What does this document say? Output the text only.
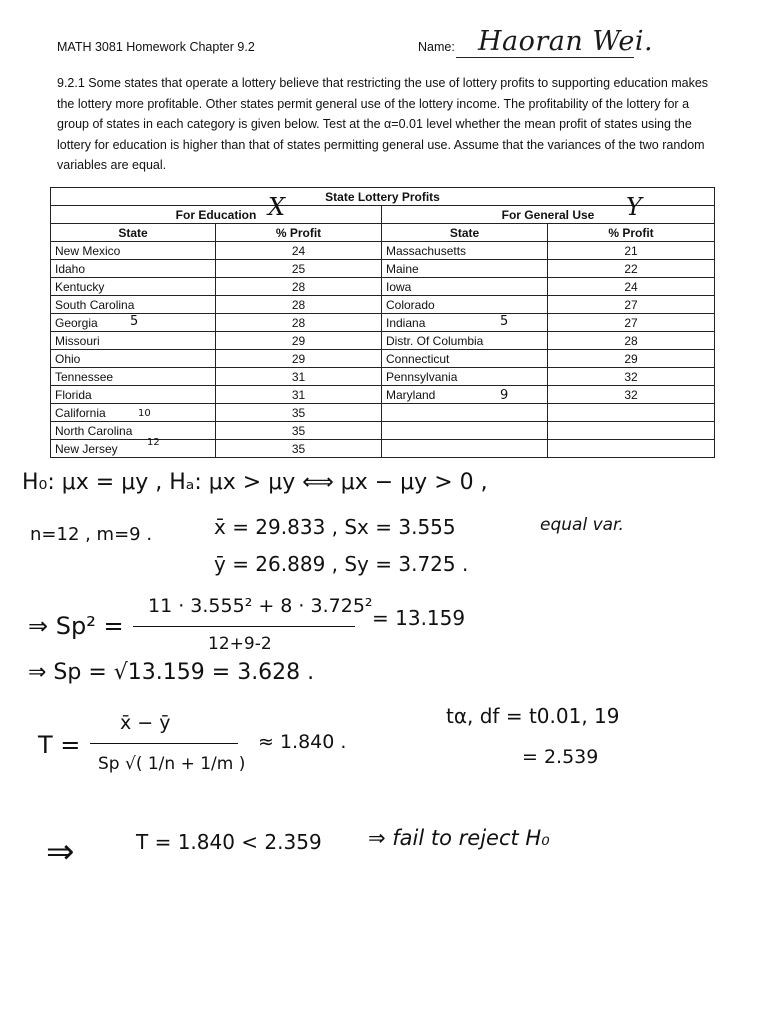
MATH 3081 Homework Chapter 9.2	Name: Haoran Wei.

9.2.1 Some states that operate a lottery believe that restricting the use of lottery profits to supporting education makes the lottery more profitable. Other states permit general use of the lottery income. The profitability of the lottery for a group of states in each category is given below. Test at the α=0.01 level whether the mean profit of states using the lottery for education is higher than that of states permitting general use. Assume that the variances of the two random variables are equal.

State Lottery Profits			
For Education		For General Use	
State	% Profit	State	% Profit
New Mexico	24	Massachusetts	21
Idaho	25	Maine	22
Kentucky	28	Iowa	24
South Carolina	28	Colorado	27
Georgia	28	Indiana	27
Missouri	29	Distr. Of Columbia	28
Ohio	29	Connecticut	29
Tennessee	31	Pennsylvania	32
Florida	31	Maryland	32
California	35		
North Carolina	35		
New Jersey	35		
X	Y
5	5
9
10
12
H₀: μx = μy , Hₐ: μx > μy ⟺ μx − μy > 0 ,
n=12 , m=9 .	x̄ = 29.833 , Sx = 3.555	equal var.
ȳ = 26.889 , Sy = 3.725 .
⇒ Sp² =
11 · 3.555² + 8 · 3.725²
12+9-2
= 13.159
⇒ Sp = √13.159 = 3.628 .
T =
x̄ − ȳ
Sp √( 1/n + 1/m )
≈ 1.840 .
tα, df = t0.01, 19
= 2.539
⇒	T = 1.840 < 2.359 ⇒ fail to reject H₀
